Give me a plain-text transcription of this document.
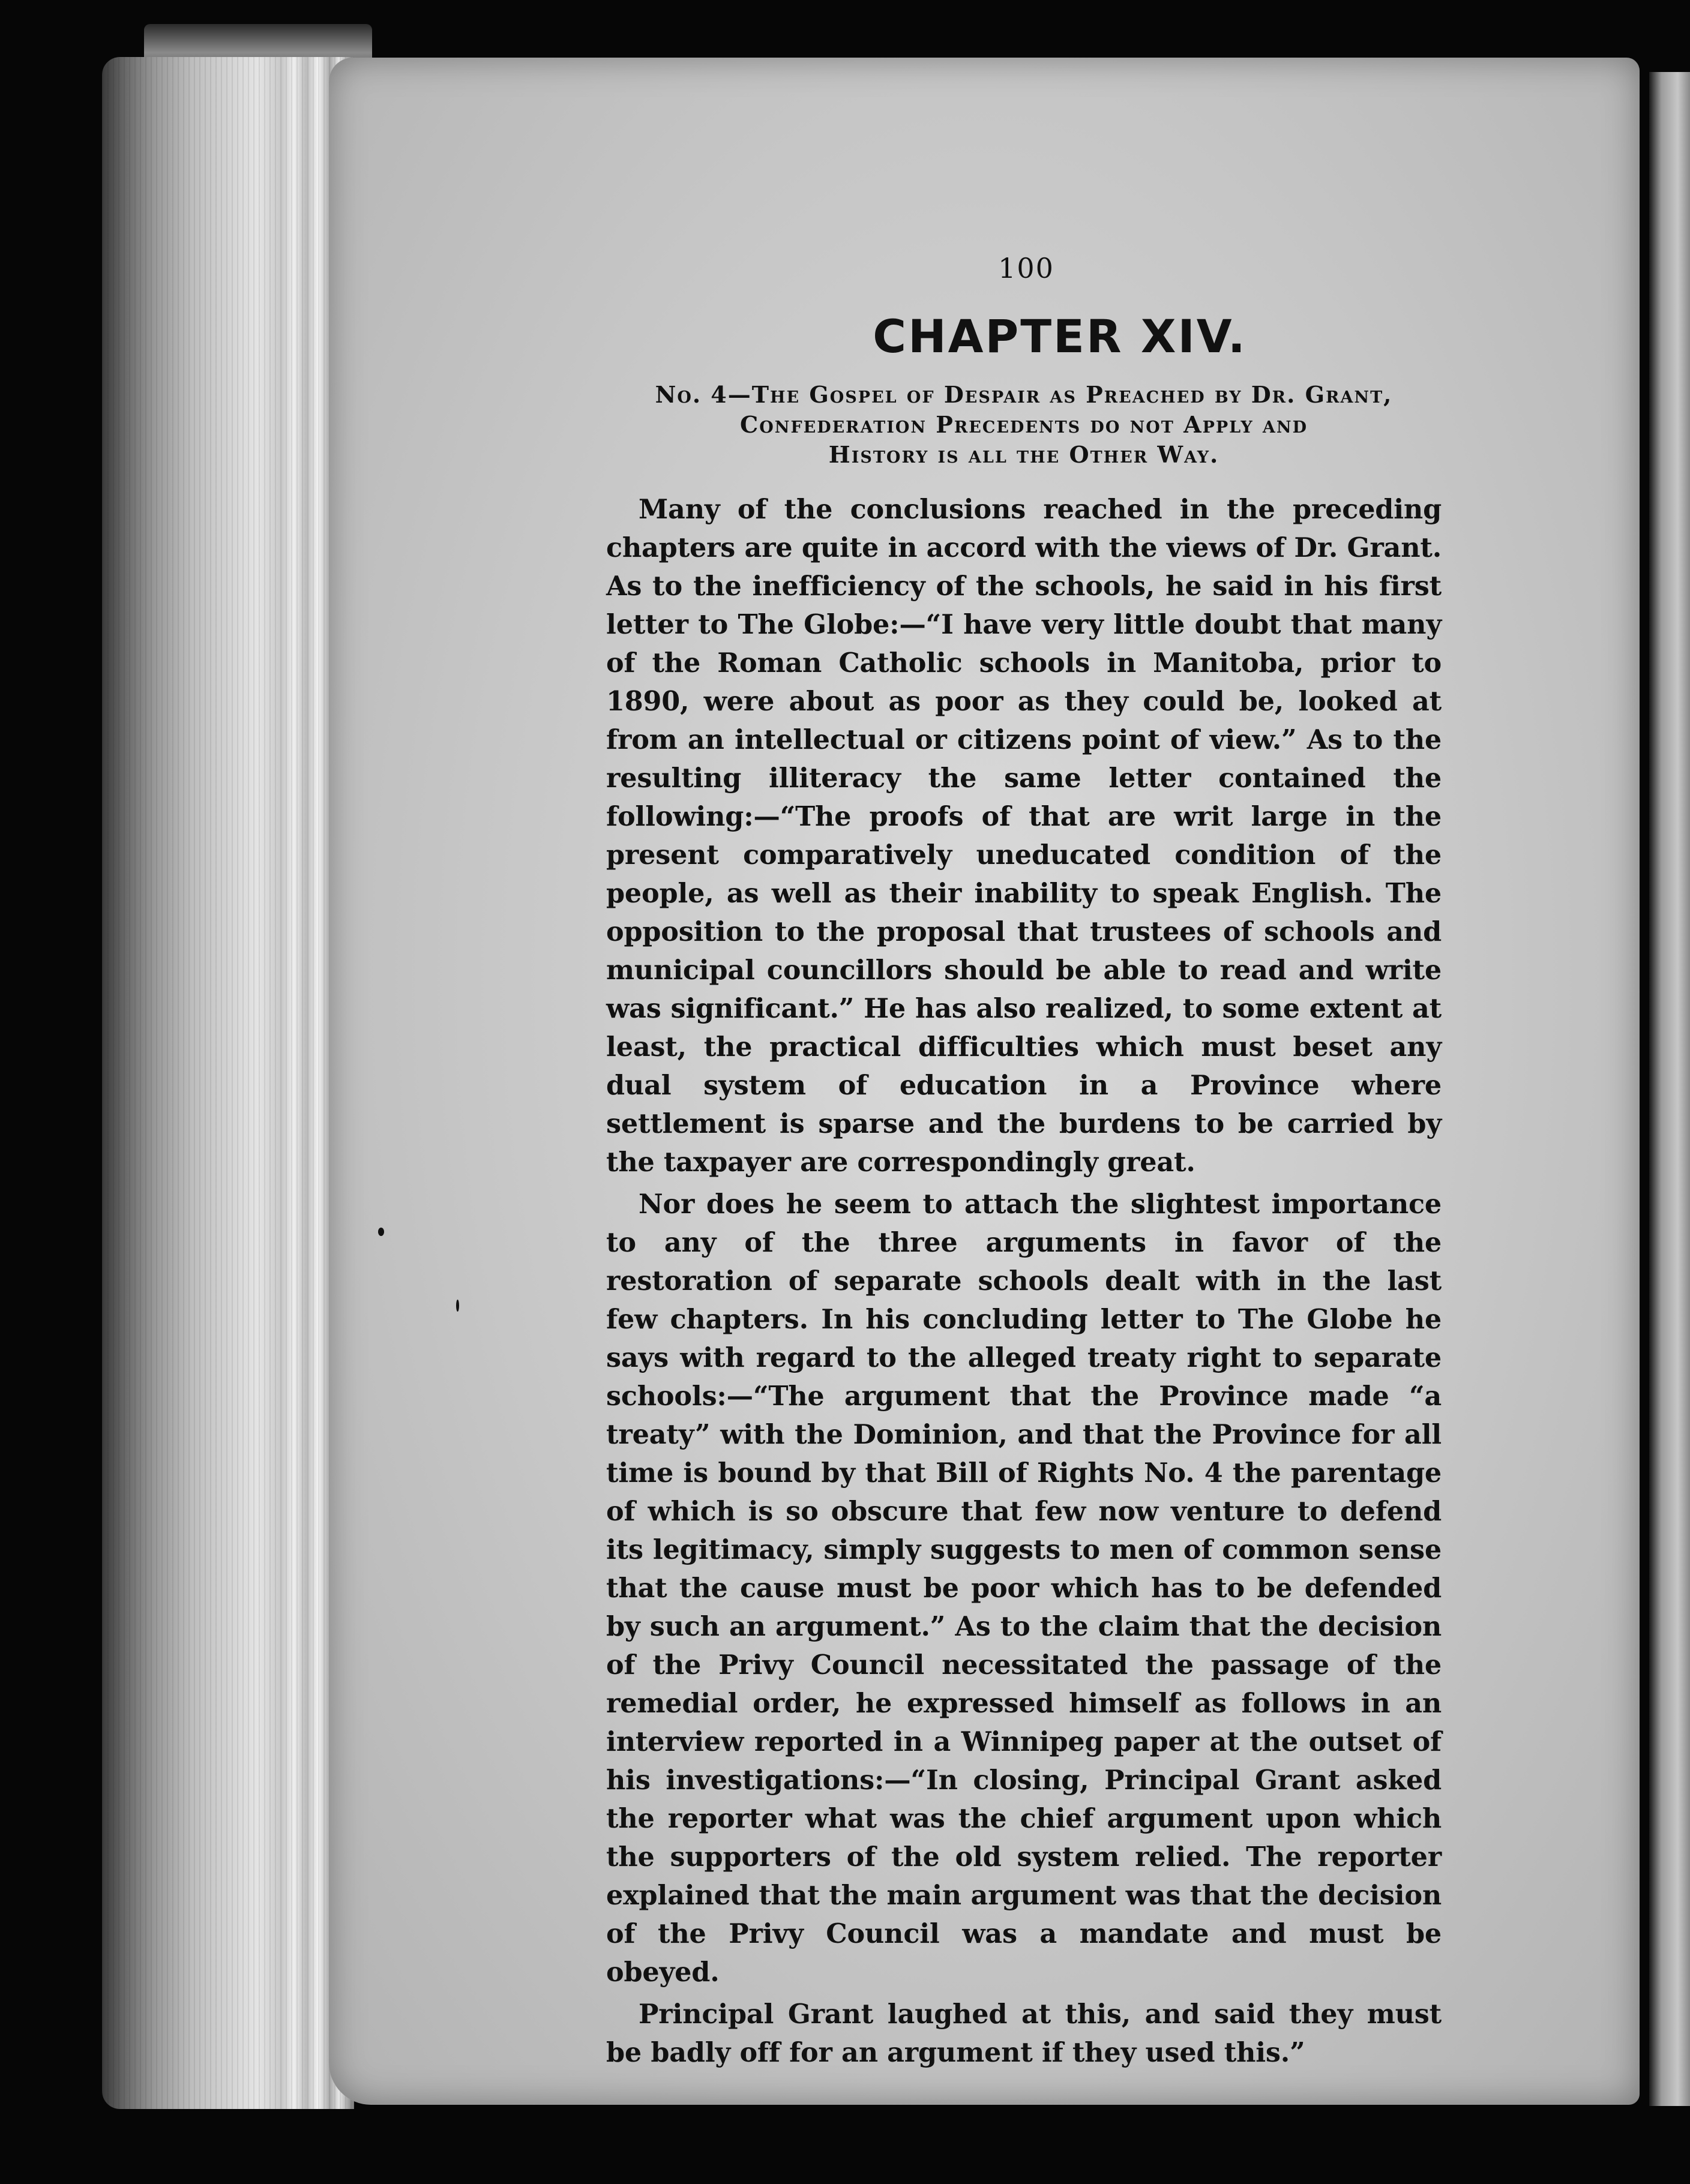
100
CHAPTER XIV.
No. 4—The Gospel of Despair as Preached by Dr. Grant,
Confederation Precedents do not Apply and
History is all the Other Way.

Many of the conclusions reached in the preceding chapters are quite in accord with the views of Dr. Grant. As to the inefficiency of the schools, he said in his first letter to The Globe:—“I have very little doubt that many of the Roman Catholic schools in Manitoba, prior to 1890, were about as poor as they could be, looked at from an intellectual or citizens point of view.” As to the resulting illiteracy the same letter contained the following:—“The proofs of that are writ large in the present comparatively uneducated condition of the people, as well as their inability to speak English. The opposition to the proposal that trustees of schools and municipal councillors should be able to read and write was significant.” He has also realized, to some extent at least, the practical difficulties which must beset any dual system of education in a Province where settlement is sparse and the burdens to be carried by the taxpayer are correspondingly great.

Nor does he seem to attach the slightest importance to any of the three arguments in favor of the restoration of separate schools dealt with in the last few chapters. In his concluding letter to The Globe he says with regard to the alleged treaty right to separate schools:—“The argument that the Province made “a treaty” with the Dominion, and that the Province for all time is bound by that Bill of Rights No. 4 the parentage of which is so obscure that few now venture to defend its legitimacy, simply suggests to men of common sense that the cause must be poor which has to be defended by such an argument.” As to the claim that the decision of the Privy Council necessitated the passage of the remedial order, he expressed himself as follows in an interview reported in a Winnipeg paper at the outset of his investigations:—“In closing, Principal Grant asked the reporter what was the chief argument upon which the supporters of the old system relied. The reporter explained that the main argument was that the decision of the Privy Council was a mandate and must be obeyed.

Principal Grant laughed at this, and said they must be badly off for an argument if they used this.”
